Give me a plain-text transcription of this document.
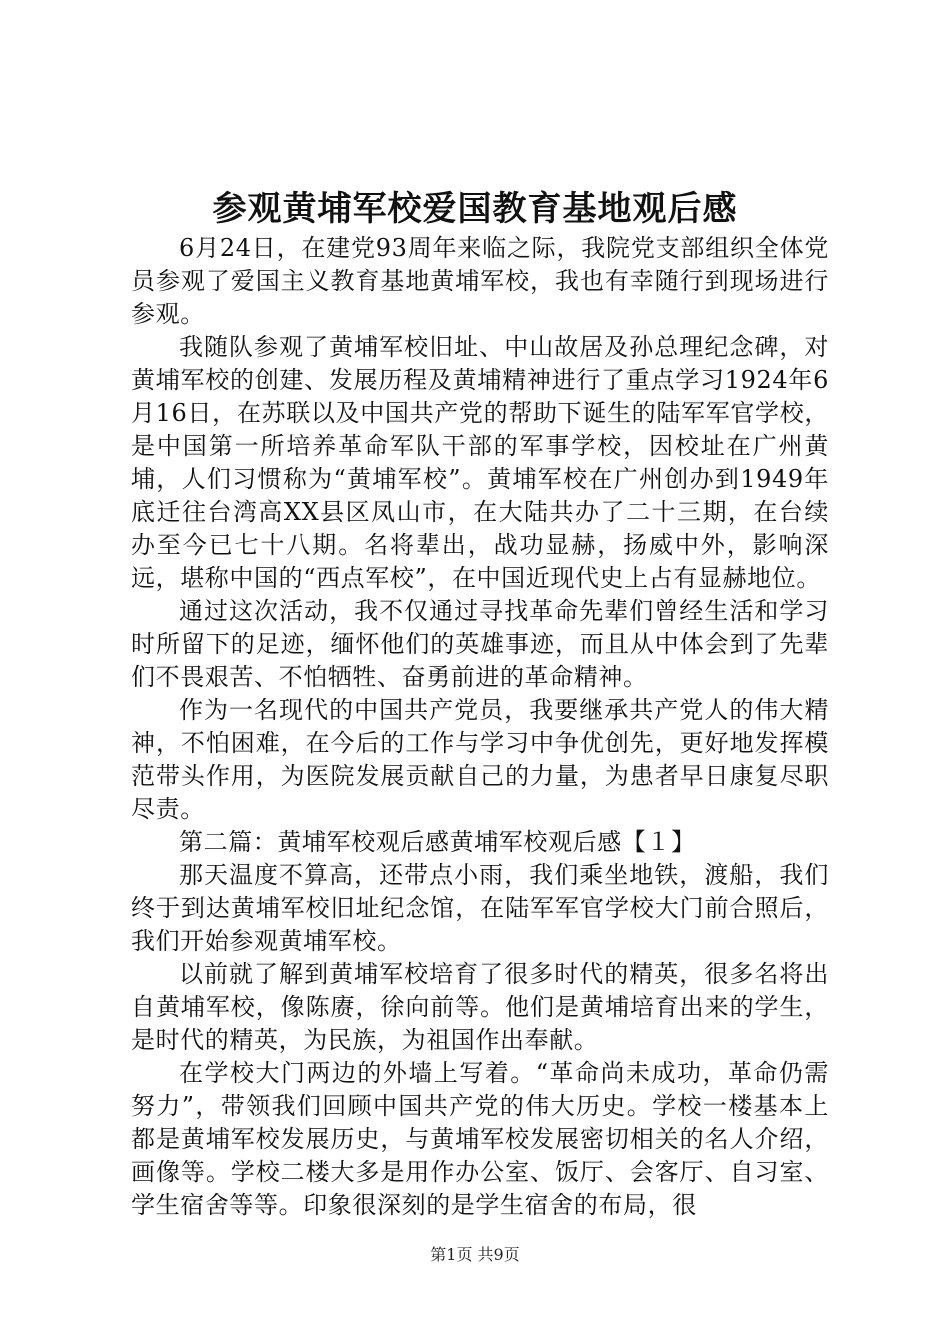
参观黄埔军校爱国教育基地观后感

6月24日，在建党93周年来临之际，我院党支部组织全体党员参观了爱国主义教育基地黄埔军校，我也有幸随行到现场进行参观。

我随队参观了黄埔军校旧址、中山故居及孙总理纪念碑，对黄埔军校的创建、发展历程及黄埔精神进行了重点学习1924年6月16日，在苏联以及中国共产党的帮助下诞生的陆军军官学校，是中国第一所培养革命军队干部的军事学校，因校址在广州黄埔，人们习惯称为“黄埔军校”。黄埔军校在广州创办到1949年底迁往台湾高XX县区凤山市，在大陆共办了二十三期，在台续办至今已七十八期。名将辈出，战功显赫，扬威中外，影响深远，堪称中国的“西点军校”，在中国近现代史上占有显赫地位。

通过这次活动，我不仅通过寻找革命先辈们曾经生活和学习时所留下的足迹，缅怀他们的英雄事迹，而且从中体会到了先辈们不畏艰苦、不怕牺牲、奋勇前进的革命精神。

作为一名现代的中国共产党员，我要继承共产党人的伟大精神，不怕困难，在今后的工作与学习中争优创先，更好地发挥模范带头作用，为医院发展贡献自己的力量，为患者早日康复尽职尽责。

第二篇：黄埔军校观后感黄埔军校观后感【１】

那天温度不算高，还带点小雨，我们乘坐地铁，渡船，我们终于到达黄埔军校旧址纪念馆，在陆军军官学校大门前合照后，我们开始参观黄埔军校。

以前就了解到黄埔军校培育了很多时代的精英，很多名将出自黄埔军校，像陈赓，徐向前等。他们是黄埔培育出来的学生，是时代的精英，为民族，为祖国作出奉献。

在学校大门两边的外墙上写着。“革命尚未成功，革命仍需努力”，带领我们回顾中国共产党的伟大历史。学校一楼基本上都是黄埔军校发展历史，与黄埔军校发展密切相关的名人介绍，画像等。学校二楼大多是用作办公室、饭厅、会客厅、自习室、学生宿舍等等。印象很深刻的是学生宿舍的布局，很

第1页 共9页
